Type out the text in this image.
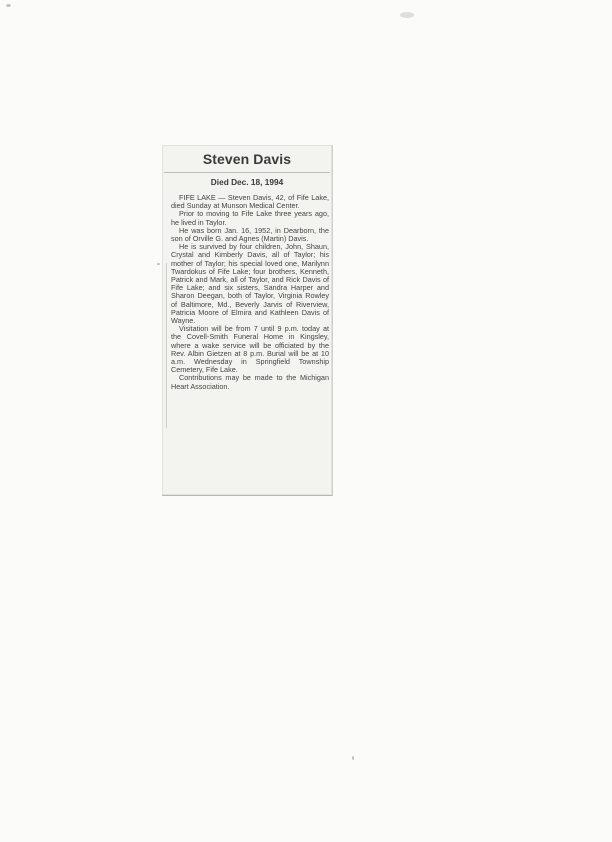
Steven Davis
Died Dec. 18, 1994

FIFE LAKE — Steven Davis, 42, of Fife Lake, died Sunday at Munson Medical Center.

Prior to moving to Fife Lake three years ago, he lived in Taylor.

He was born Jan. 16, 1952, in Dearborn, the son of Orville G. and Agnes (Martin) Davis.

He is survived by four children, John, Shaun, Crystal and Kimberly Davis, all of Taylor; his mother of Taylor; his special loved one, Marilynn Twardokus of Fife Lake; four brothers, Kenneth, Patrick and Mark, all of Taylor, and Rick Davis of Fife Lake; and six sisters, Sandra Harper and Sharon Deegan, both of Taylor, Virginia Rowley of Baltimore, Md., Beverly Jarvis of Riverview, Patricia Moore of Elmira and Kathleen Davis of Wayne.

Visitation will be from 7 until 9 p.m. today at the Covell-Smith Funeral Home in Kingsley, where a wake service will be officiated by the Rev. Albin Gietzen at 8 p.m. Burial will be at 10 a.m. Wednesday in Springfield Township Cemetery, Fife Lake.

Contributions may be made to the Michigan Heart Association.
